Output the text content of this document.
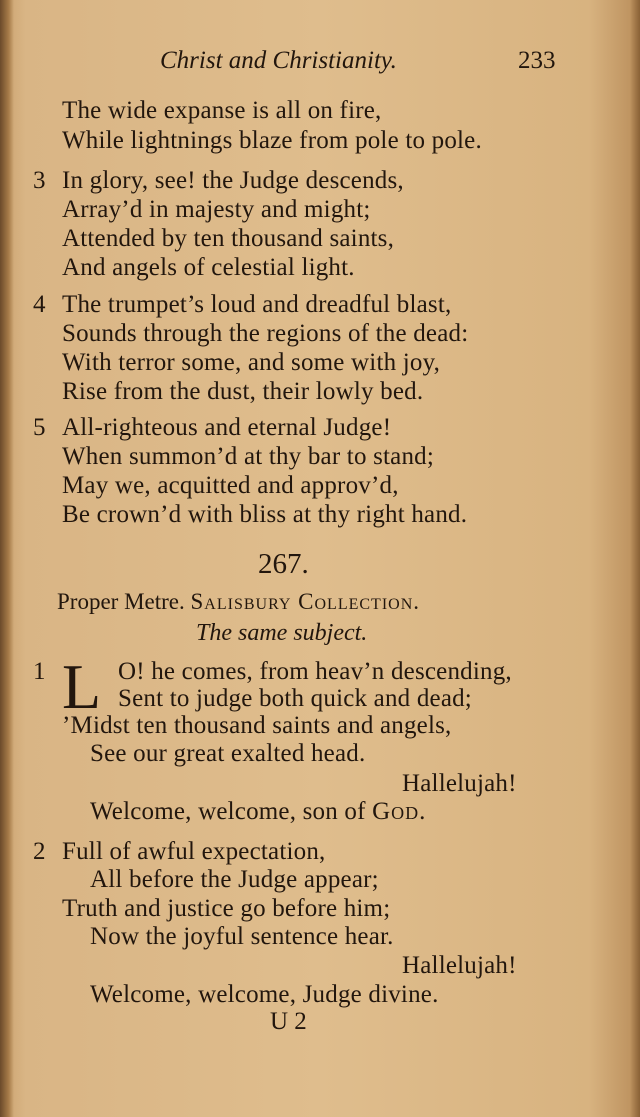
Christ and Christianity.	233
The wide expanse is all on fire,
While lightnings blaze from pole to pole.
3 In glory, see! the Judge descends,
Array’d in majesty and might;
Attended by ten thousand saints,
And angels of celestial light.
4 The trumpet’s loud and dreadful blast,
Sounds through the regions of the dead:
With terror some, and some with joy,
Rise from the dust, their lowly bed.
5 All-righteous and eternal Judge!
When summon’d at thy bar to stand;
May we, acquitted and approv’d,
Be crown’d with bliss at thy right hand.
267.
Proper Metre. Salisbury Collection.
The same subject.
1 L O! he comes, from heav’n descending,
Sent to judge both quick and dead;
’Midst ten thousand saints and angels,
See our great exalted head.
Hallelujah!
Welcome, welcome, son of God.
2 Full of awful expectation,
All before the Judge appear;
Truth and justice go before him;
Now the joyful sentence hear.
Hallelujah!
Welcome, welcome, Judge divine.
U 2
